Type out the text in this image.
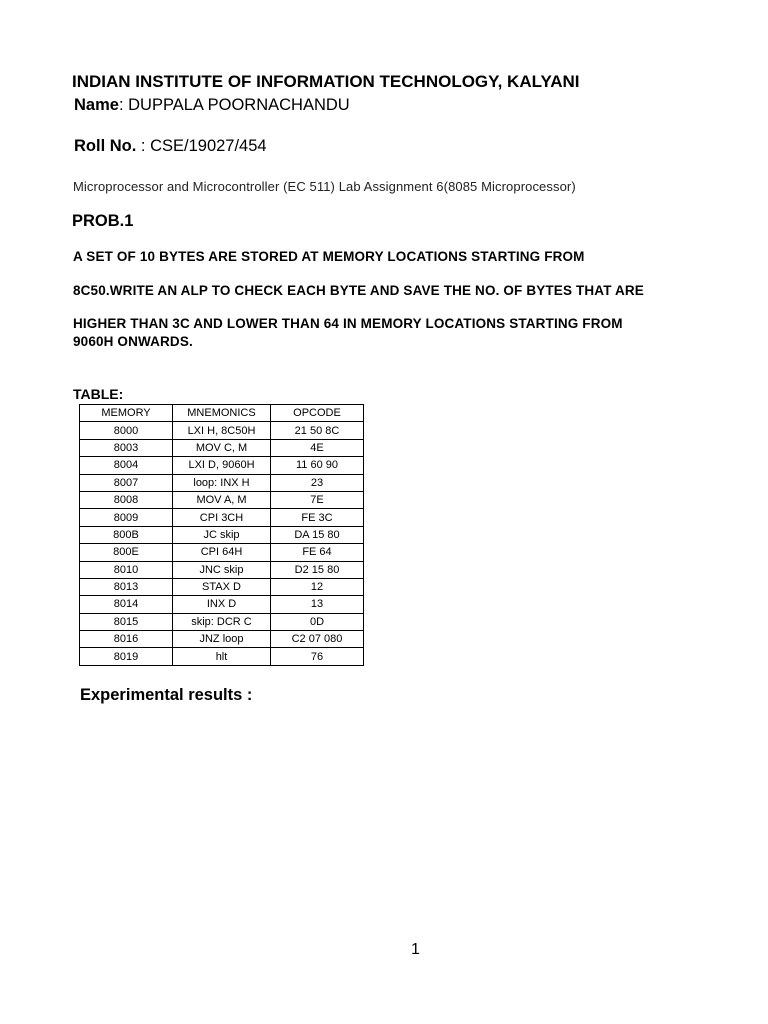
INDIAN INSTITUTE OF INFORMATION TECHNOLOGY, KALYANI
Name: DUPPALA POORNACHANDU
Roll No. : CSE/19027/454
Microprocessor and Microcontroller (EC 511) Lab Assignment 6(8085 Microprocessor)
PROB.1
A SET OF 10 BYTES ARE STORED AT MEMORY LOCATIONS STARTING FROM
8C50.WRITE AN ALP TO CHECK EACH BYTE AND SAVE THE NO. OF BYTES THAT ARE
HIGHER THAN 3C AND LOWER THAN 64 IN MEMORY LOCATIONS STARTING FROM
9060H ONWARDS.
TABLE:
MEMORY	MNEMONICS	OPCODE
8000	LXI H, 8C50H	21 50 8C
8003	MOV C, M	4E
8004	LXI D, 9060H	11 60 90
8007	loop: INX H	23
8008	MOV A, M	7E
8009	CPI 3CH	FE 3C
800B	JC skip	DA 15 80
800E	CPI 64H	FE 64
8010	JNC skip	D2 15 80
8013	STAX D	12
8014	INX D	13
8015	skip: DCR C	0D
8016	JNZ loop	C2 07 080
8019	hlt	76
Experimental results :
1
